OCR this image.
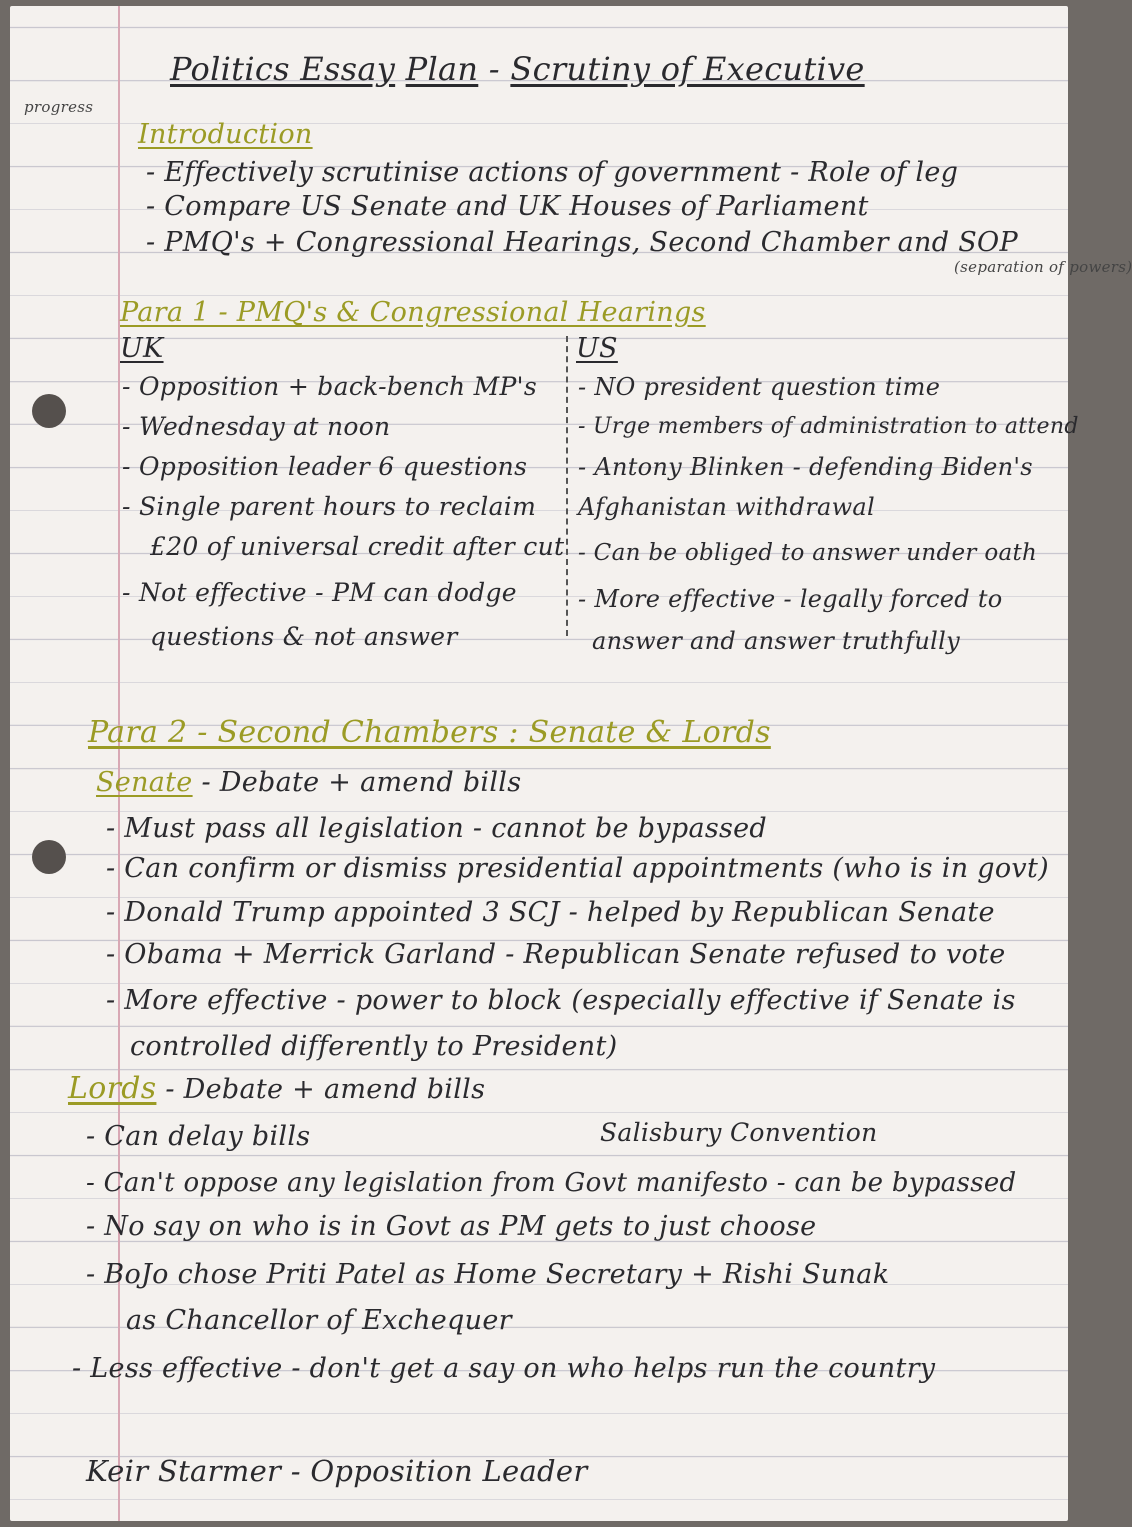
progress
Politics Essay Plan - Scrutiny of Executive
Introduction
- Effectively scrutinise actions of government - Role of leg
- Compare US Senate and UK Houses of Parliament
- PMQ's + Congressional Hearings, Second Chamber and SOP
(separation of powers)
Para 1 - PMQ's & Congressional Hearings
UK	US
- Opposition + back-bench MP's
- Wednesday at noon
- Opposition leader 6 questions
- Single parent hours to reclaim
£20 of universal credit after cut
- Not effective - PM can dodge
questions & not answer
- NO president question time
- Urge members of administration to attend
- Antony Blinken - defending Biden's
Afghanistan withdrawal
- Can be obliged to answer under oath
- More effective - legally forced to
answer and answer truthfully
Para 2 - Second Chambers : Senate & Lords
Senate - Debate + amend bills
- Must pass all legislation - cannot be bypassed
- Can confirm or dismiss presidential appointments (who is in govt)
- Donald Trump appointed 3 SCJ - helped by Republican Senate
- Obama + Merrick Garland - Republican Senate refused to vote
- More effective - power to block (especially effective if Senate is
controlled differently to President)
Lords - Debate + amend bills
Salisbury Convention
- Can delay bills
- Can't oppose any legislation from Govt manifesto - can be bypassed
- No say on who is in Govt as PM gets to just choose
- BoJo chose Priti Patel as Home Secretary + Rishi Sunak
as Chancellor of Exchequer
- Less effective - don't get a say on who helps run the country
Keir Starmer - Opposition Leader
